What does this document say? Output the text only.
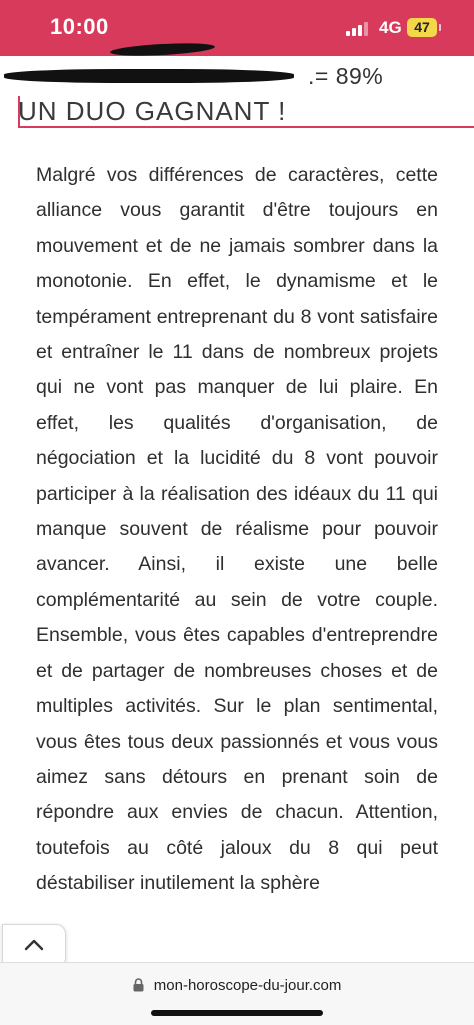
10:00	4G 47
.= 89%
UN DUO GAGNANT !

Malgré vos différences de caractères, cette alliance vous garantit d'être toujours en mouvement et de ne jamais sombrer dans la monotonie. En effet, le dynamisme et le tempérament entreprenant du 8 vont satisfaire et entraîner le 11 dans de nombreux projets qui ne vont pas manquer de lui plaire. En effet, les qualités d'organisation, de négociation et la lucidité du 8 vont pouvoir participer à la réalisation des idéaux du 11 qui manque souvent de réalisme pour pouvoir avancer. Ainsi, il existe une belle complémentarité au sein de votre couple. Ensemble, vous êtes capables d'entreprendre et de partager de nombreuses choses et de multiples activités. Sur le plan sentimental, vous êtes tous deux passionnés et vous vous aimez sans détours en prenant soin de répondre aux envies de chacun. Attention, toutefois au côté jaloux du 8 qui peut déstabiliser inutilement la sphère

mon-horoscope-du-jour.com
